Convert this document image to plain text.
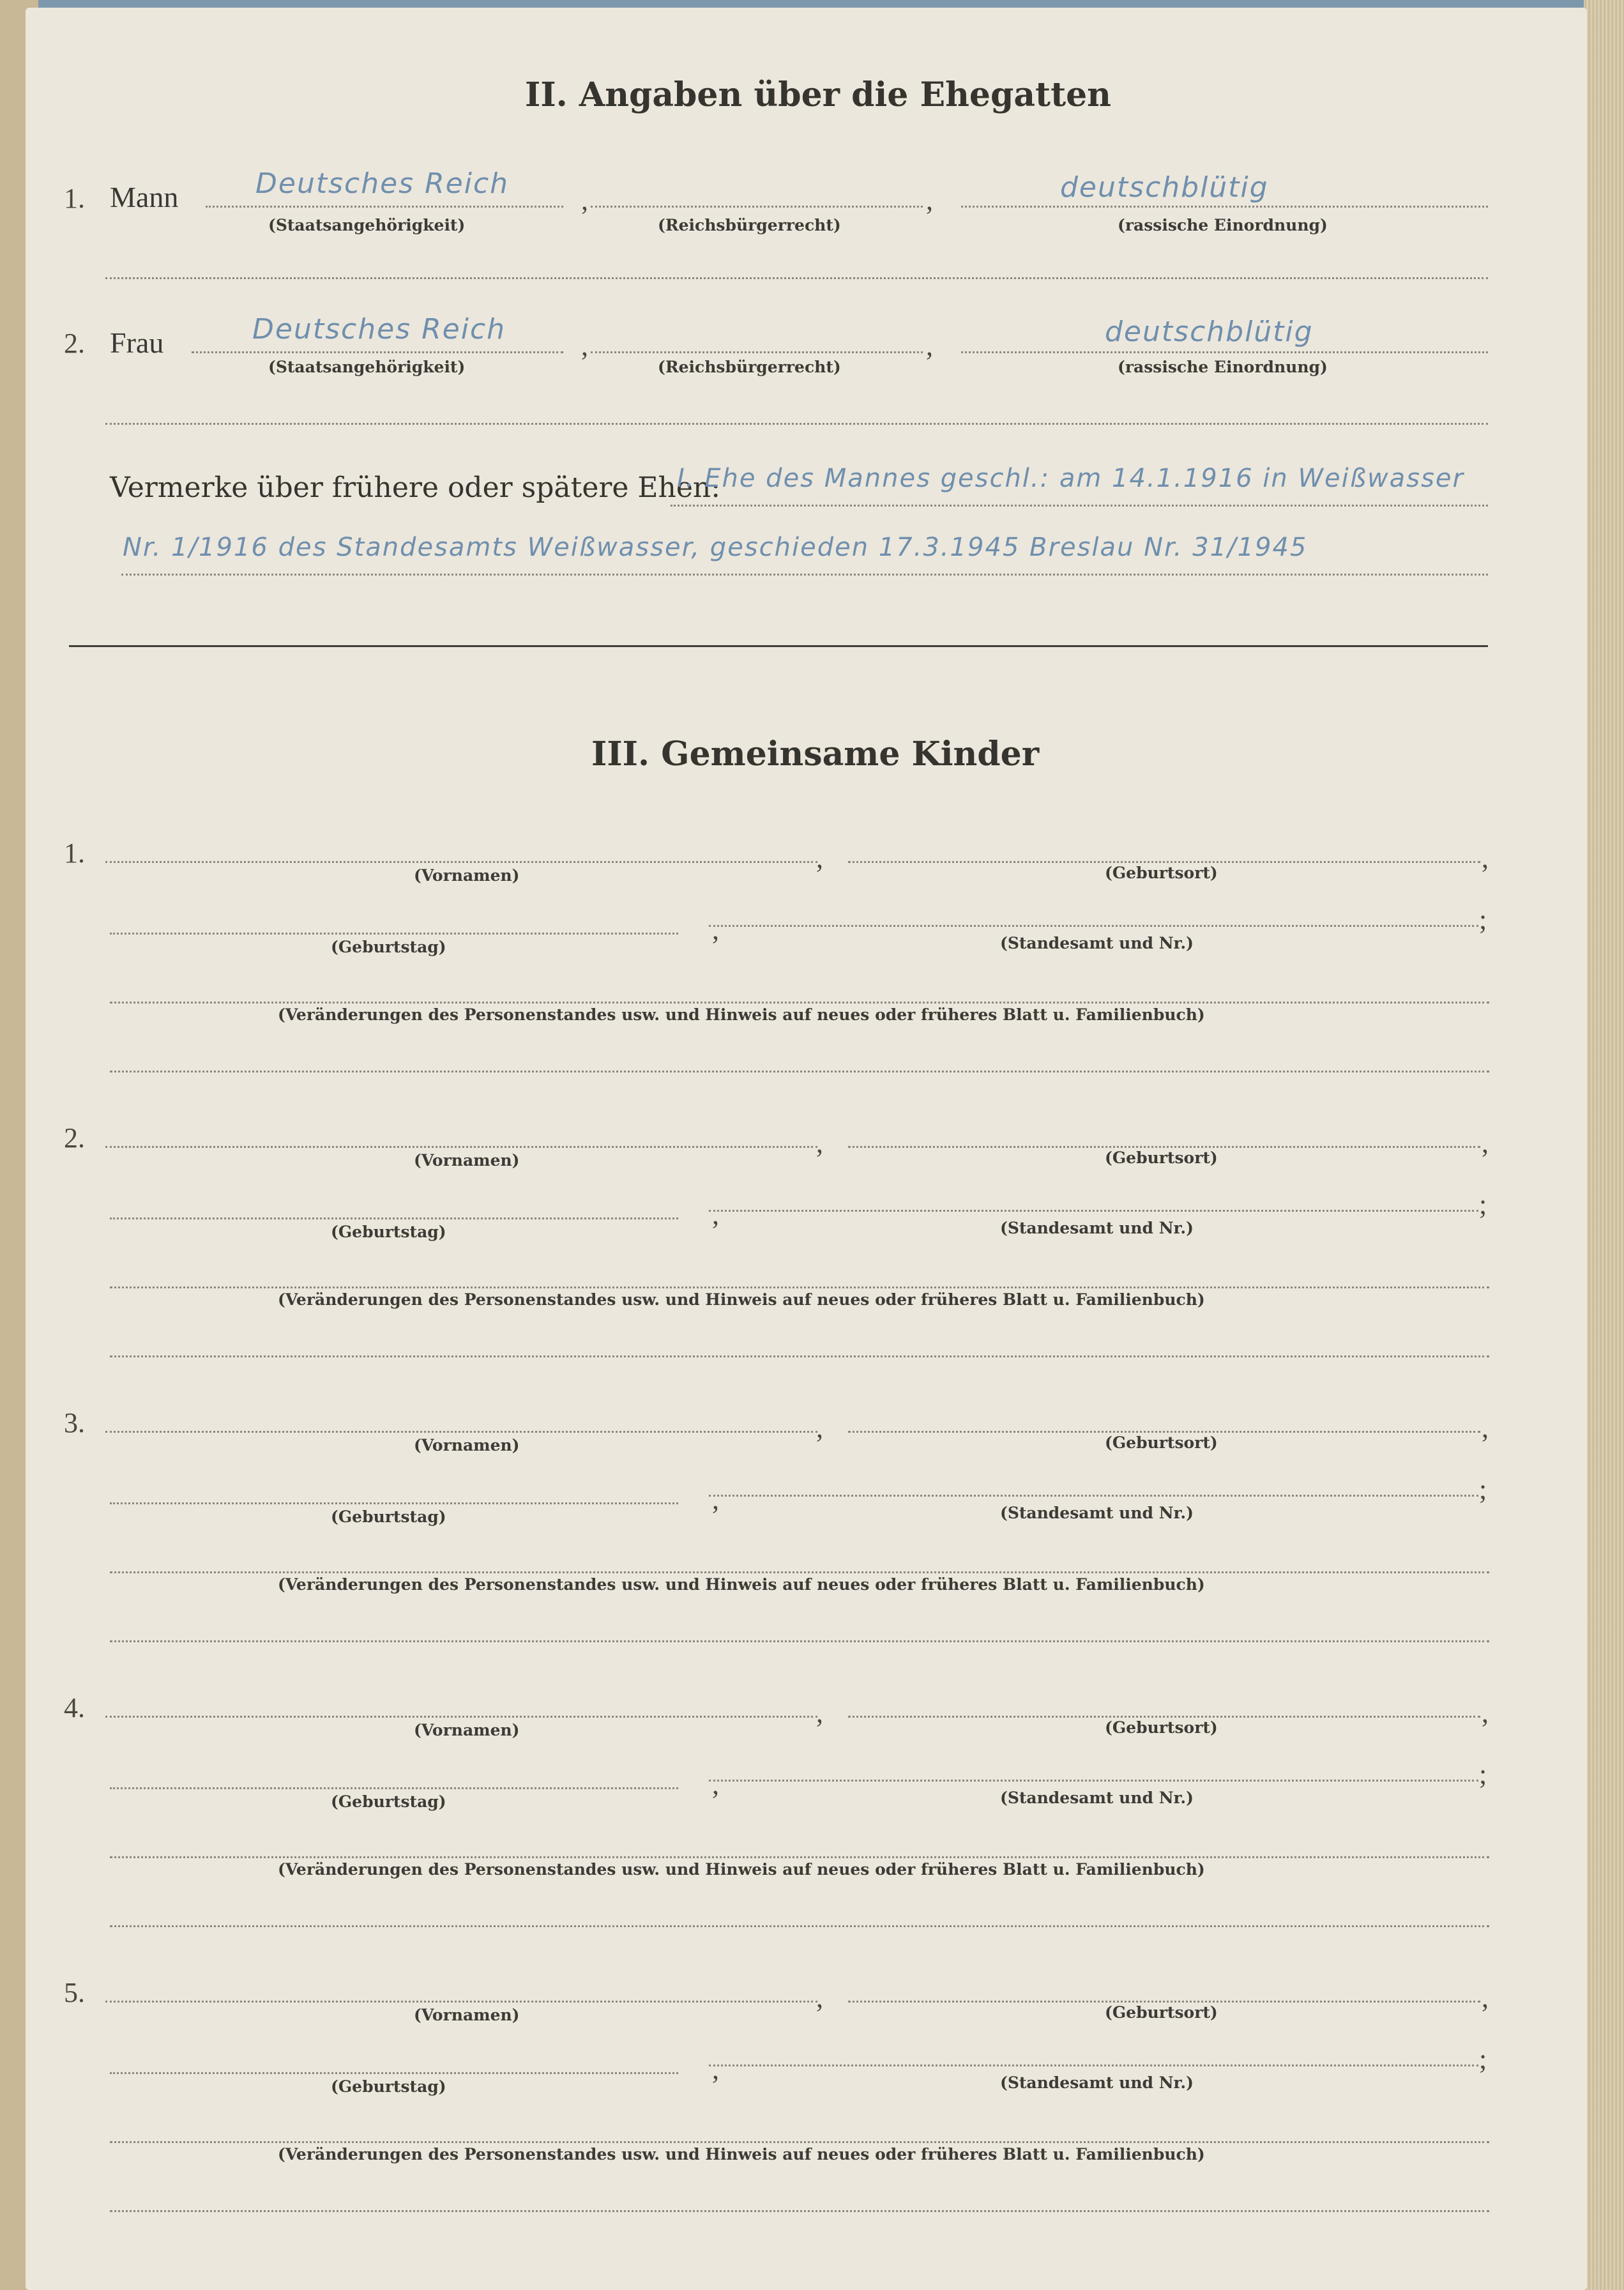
II. Angaben über die Ehegatten
1. Mann	Deutsches Reich
,	,	deutschblütig
(Staatsangehörigkeit)	(Reichsbürgerrecht)	(rassische Einordnung)
2. Frau	Deutsches Reich
,	,	deutschblütig
(Staatsangehörigkeit)	(Reichsbürgerrecht)	(rassische Einordnung)
Vermerke über frühere oder spätere Ehen:
I. Ehe des Mannes geschl.: am 14.1.1916 in Weißwasser
Nr. 1/1916 des Standesamts Weißwasser, geschieden 17.3.1945 Breslau Nr. 31/1945
III. Gemeinsame Kinder
1.	,	,
(Vornamen)	(Geburtsort)
,	;
(Geburtstag)	(Standesamt und Nr.)
(Veränderungen des Personenstandes usw. und Hinweis auf neues oder früheres Blatt u. Familienbuch)
2.	,	,
(Vornamen)	(Geburtsort)
,	;
(Geburtstag)	(Standesamt und Nr.)
(Veränderungen des Personenstandes usw. und Hinweis auf neues oder früheres Blatt u. Familienbuch)
3.	,	,
(Vornamen)	(Geburtsort)
,	;
(Geburtstag)	(Standesamt und Nr.)
(Veränderungen des Personenstandes usw. und Hinweis auf neues oder früheres Blatt u. Familienbuch)
4.	,	,
(Vornamen)	(Geburtsort)
,	;
(Geburtstag)	(Standesamt und Nr.)
(Veränderungen des Personenstandes usw. und Hinweis auf neues oder früheres Blatt u. Familienbuch)
5.	,	,
(Vornamen)	(Geburtsort)
,	;
(Geburtstag)	(Standesamt und Nr.)
(Veränderungen des Personenstandes usw. und Hinweis auf neues oder früheres Blatt u. Familienbuch)
